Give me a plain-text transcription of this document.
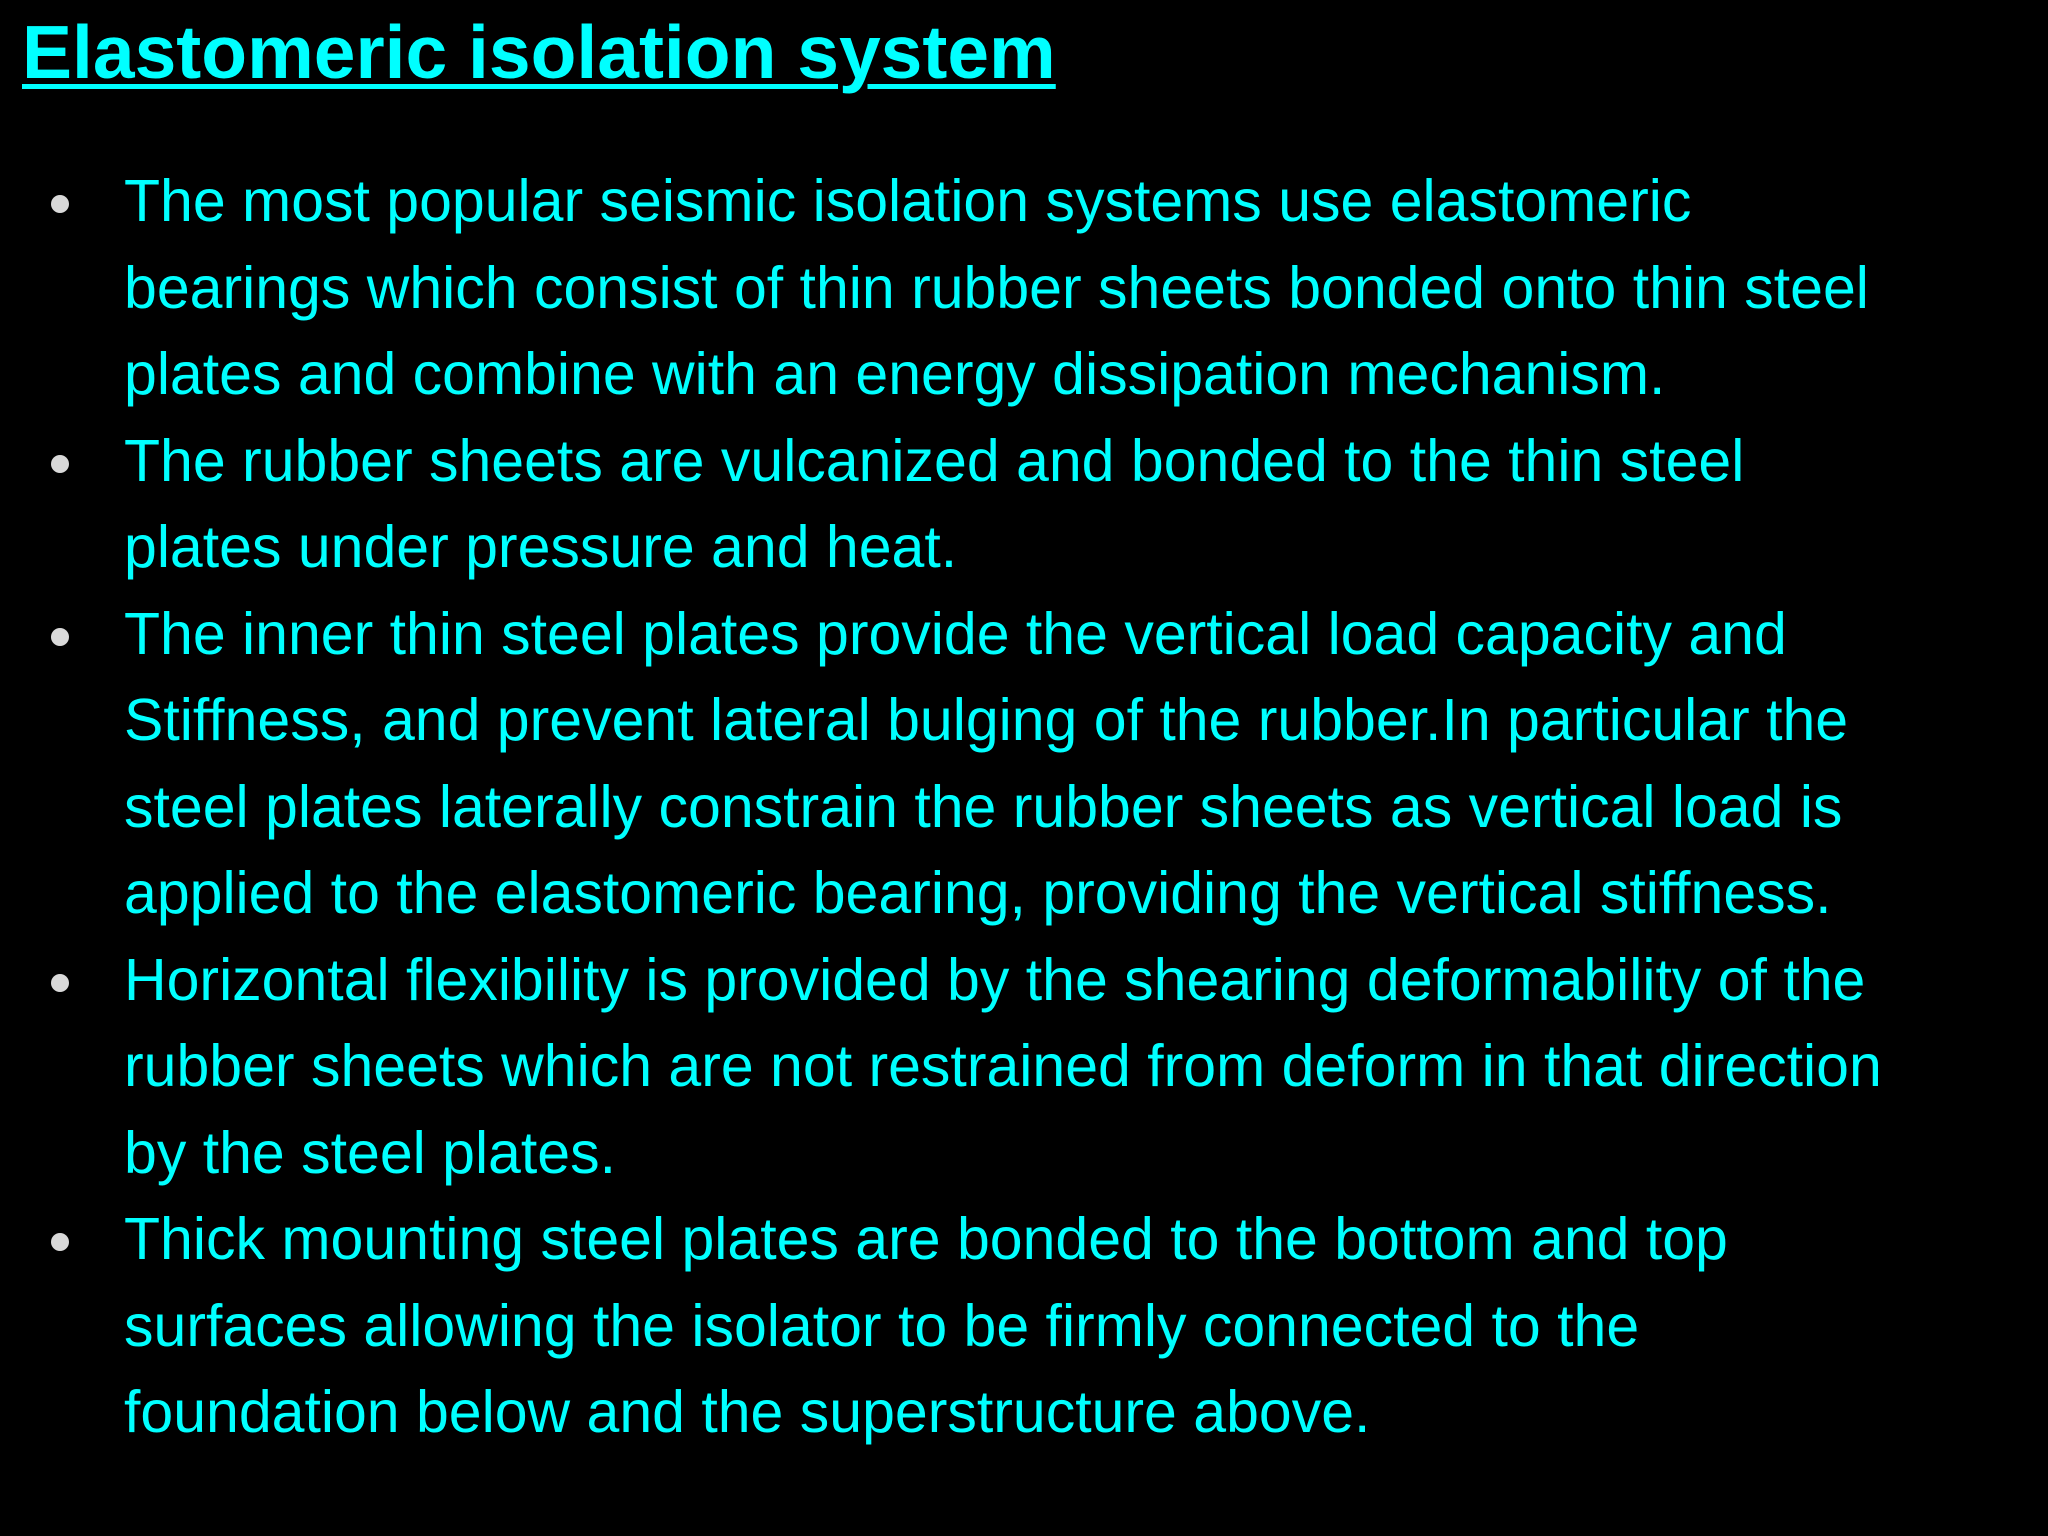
Elastomeric isolation system
The most popular seismic isolation systems use elastomeric
bearings which consist of thin rubber sheets bonded onto thin steel
plates and combine with an energy dissipation mechanism.
The rubber sheets are vulcanized and bonded to the thin steel
plates under pressure and heat.
The inner thin steel plates provide the vertical load capacity and
Stiffness, and prevent lateral bulging of the rubber.In particular the
steel plates laterally constrain the rubber sheets as vertical load is
applied to the elastomeric bearing, providing the vertical stiffness.
Horizontal flexibility is provided by the shearing deformability of the
rubber sheets which are not restrained from deform in that direction
by the steel plates.
Thick mounting steel plates are bonded to the bottom and top
surfaces allowing the isolator to be firmly connected to the
foundation below and the superstructure above.
